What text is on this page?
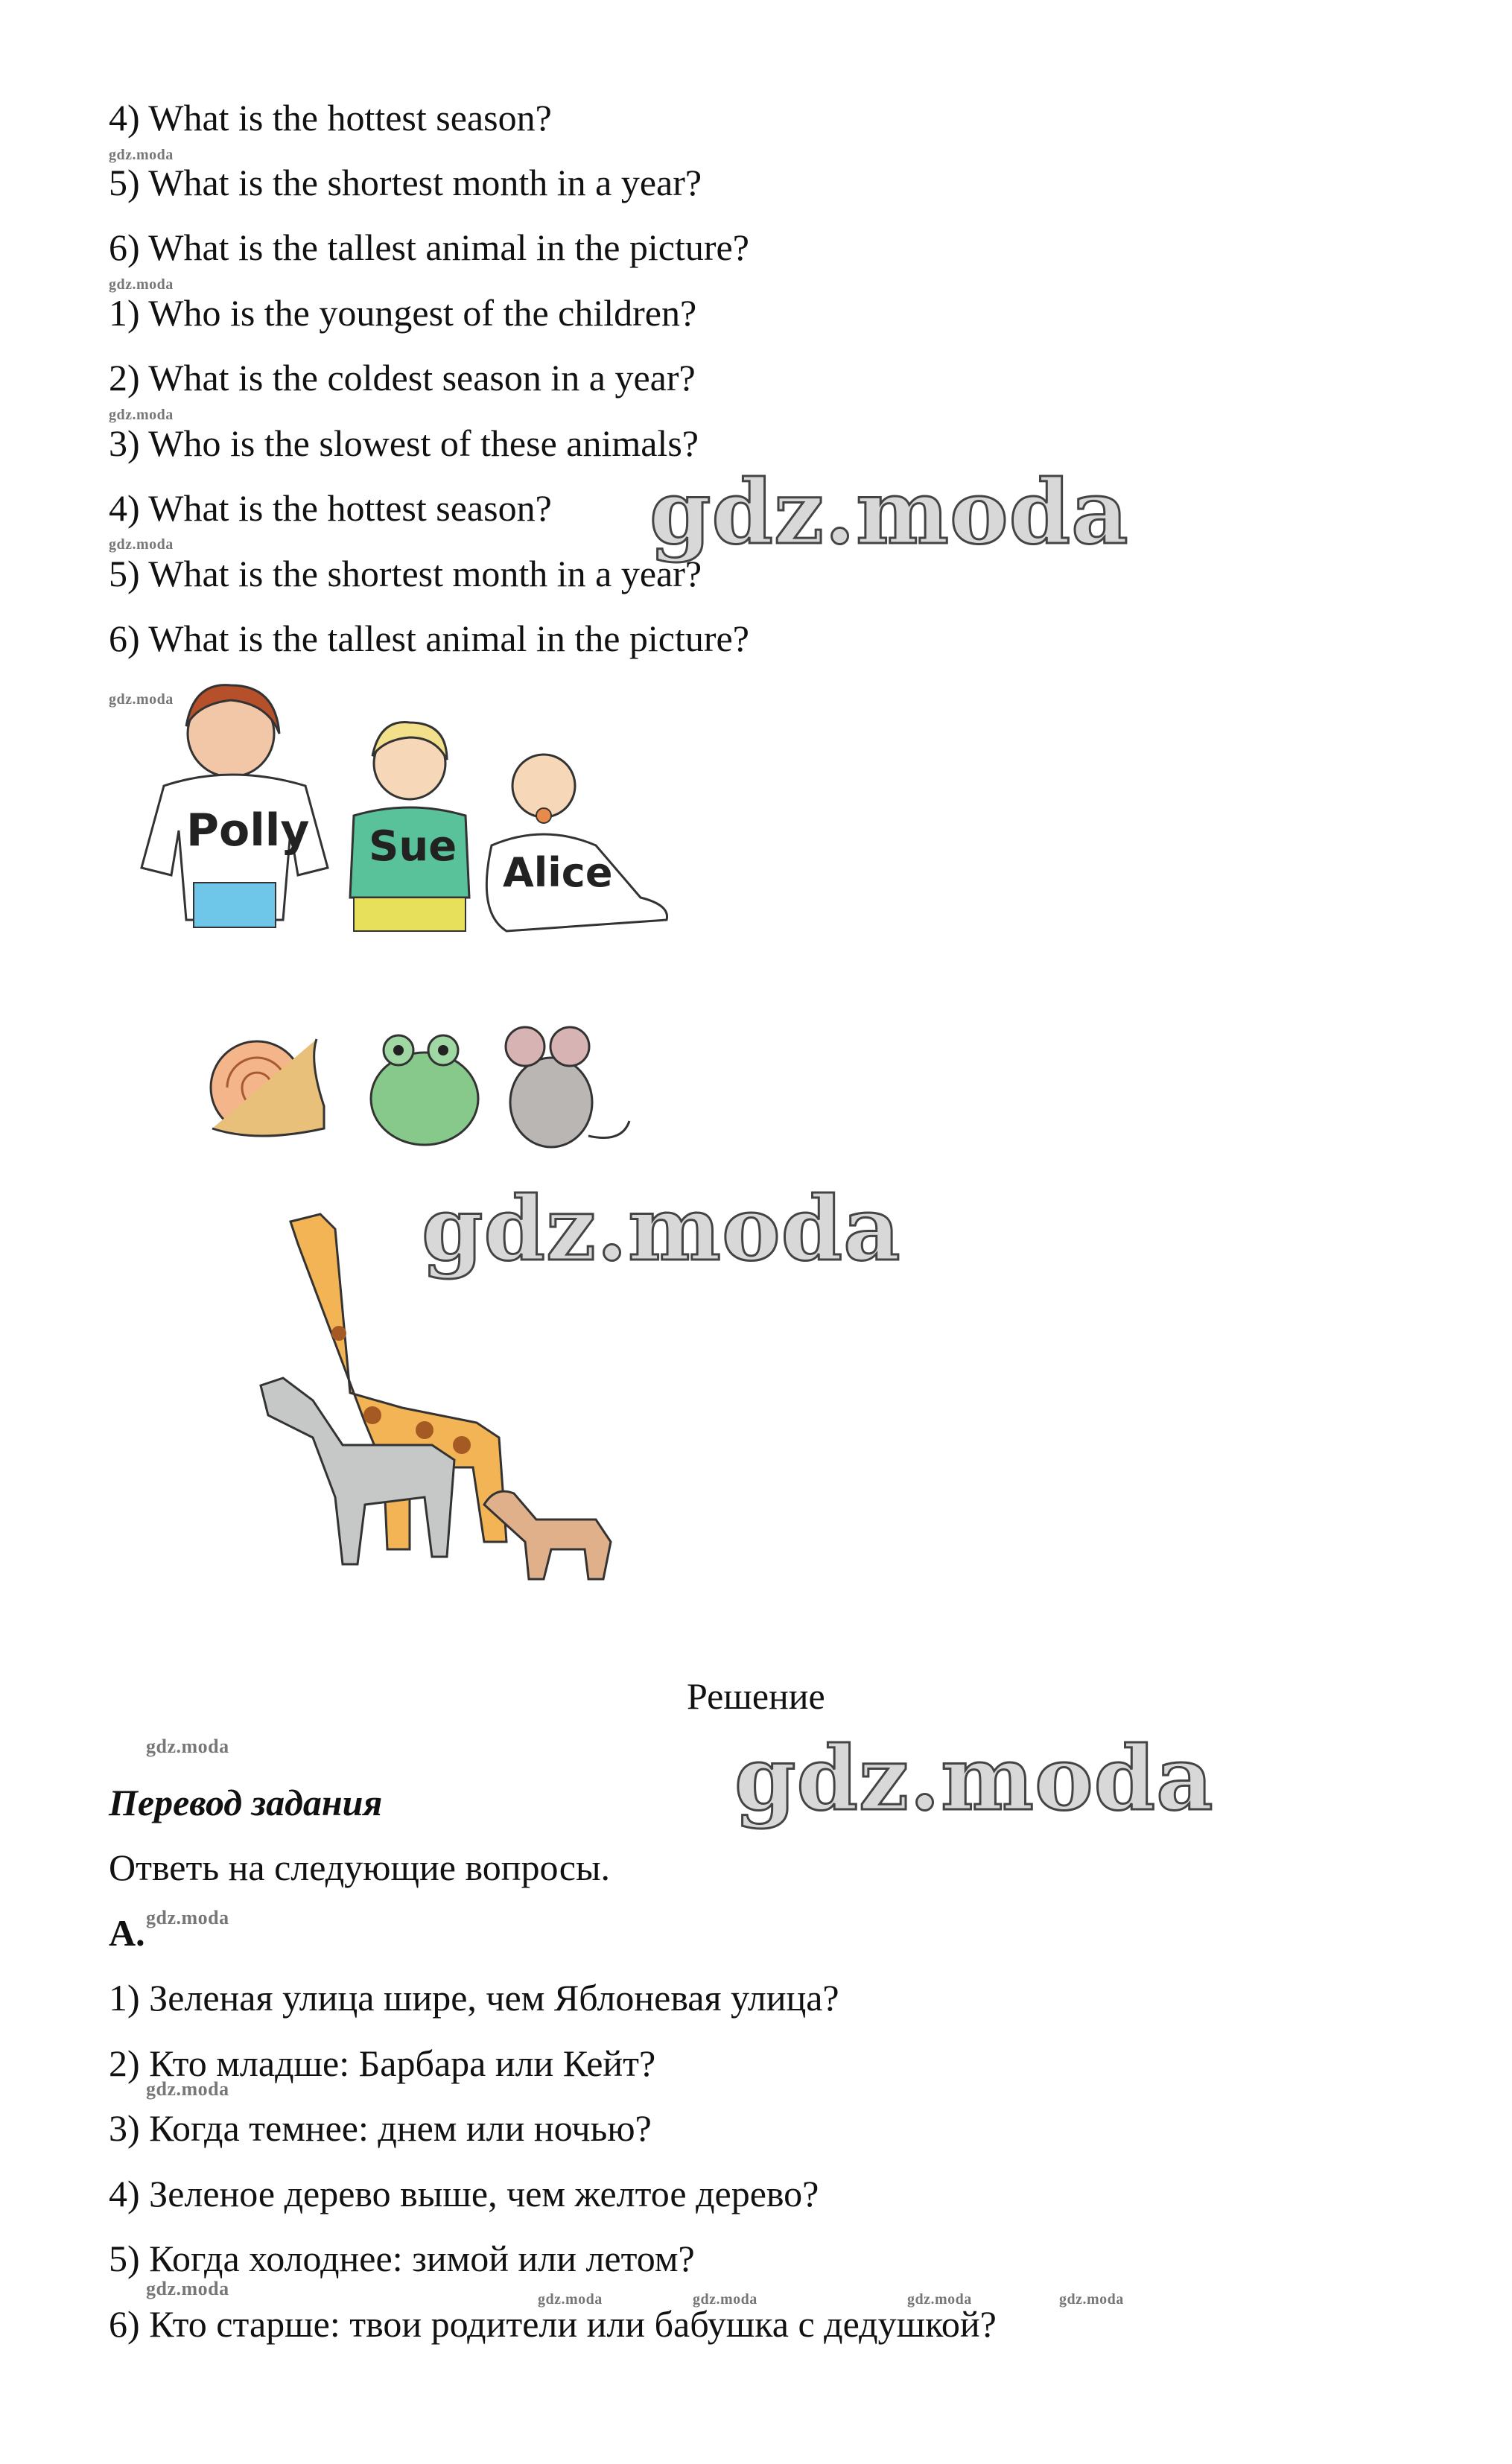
4) What is the hottest season?
5) What is the shortest month in a year?
6) What is the tallest animal in the picture?
1) Who is the youngest of the children?
2) What is the coldest season in a year?
3) Who is the slowest of these animals?
4) What is the hottest season?
5) What is the shortest month in a year?
6) What is the tallest animal in the picture?
gdz.moda
gdz.moda
gdz.moda
gdz.moda
gdz.moda
gdz.moda
Polly Sue
Alice
gdz.moda
Решение
gdz.moda	gdz.moda
Перевод задания
Ответь на следующие вопросы.
A. gdz.moda
1) Зеленая улица шире, чем Яблоневая улица?
2) Кто младше: Барбара или Кейт?
gdz.moda
3) Когда темнее: днем или ночью?
4) Зеленое дерево выше, чем желтое дерево?
5) Когда холоднее: зимой или летом?
gdz.moda
6) Кто старше: твои родители или бабушка с дедушкой?
gdz.moda	gdz.moda	gdz.moda	gdz.moda
